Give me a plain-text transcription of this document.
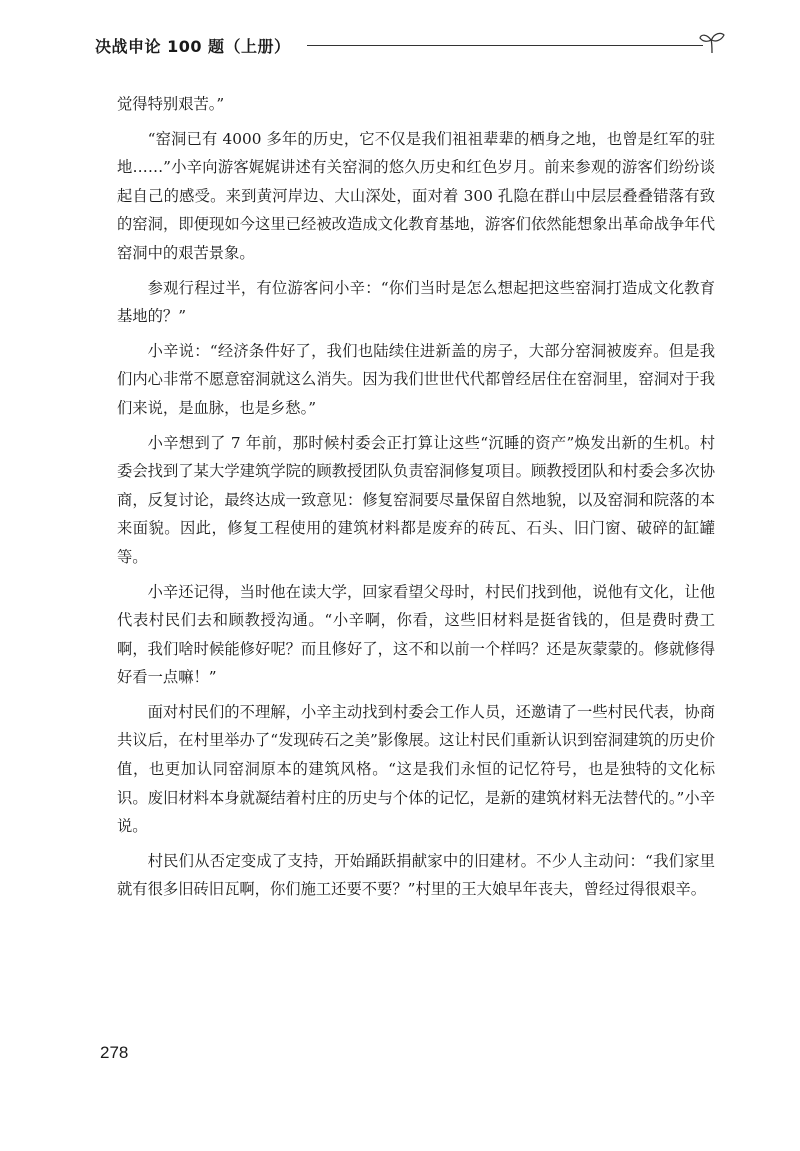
决战申论 100 题（上册）

觉得特别艰苦。”

“窑洞已有 4000 多年的历史，它不仅是我们祖祖辈辈的栖身之地，也曾是红军的驻地……”小辛向游客娓娓讲述有关窑洞的悠久历史和红色岁月。前来参观的游客们纷纷谈起自己的感受。来到黄河岸边、大山深处，面对着 300 孔隐在群山中层层叠叠错落有致的窑洞，即便现如今这里已经被改造成文化教育基地，游客们依然能想象出革命战争年代窑洞中的艰苦景象。

参观行程过半，有位游客问小辛：“你们当时是怎么想起把这些窑洞打造成文化教育基地的？”

小辛说：“经济条件好了，我们也陆续住进新盖的房子，大部分窑洞被废弃。但是我们内心非常不愿意窑洞就这么消失。因为我们世世代代都曾经居住在窑洞里，窑洞对于我们来说，是血脉，也是乡愁。”

小辛想到了 7 年前，那时候村委会正打算让这些“沉睡的资产”焕发出新的生机。村委会找到了某大学建筑学院的顾教授团队负责窑洞修复项目。顾教授团队和村委会多次协商，反复讨论，最终达成一致意见：修复窑洞要尽量保留自然地貌，以及窑洞和院落的本来面貌。因此，修复工程使用的建筑材料都是废弃的砖瓦、石头、旧门窗、破碎的缸罐等。

小辛还记得，当时他在读大学，回家看望父母时，村民们找到他，说他有文化，让他代表村民们去和顾教授沟通。“小辛啊，你看，这些旧材料是挺省钱的，但是费时费工啊，我们啥时候能修好呢？而且修好了，这不和以前一个样吗？还是灰蒙蒙的。修就修得好看一点嘛！”

面对村民们的不理解，小辛主动找到村委会工作人员，还邀请了一些村民代表，协商共议后，在村里举办了“发现砖石之美”影像展。这让村民们重新认识到窑洞建筑的历史价值，也更加认同窑洞原本的建筑风格。“这是我们永恒的记忆符号，也是独特的文化标识。废旧材料本身就凝结着村庄的历史与个体的记忆，是新的建筑材料无法替代的。”小辛说。

村民们从否定变成了支持，开始踊跃捐献家中的旧建材。不少人主动问：“我们家里就有很多旧砖旧瓦啊，你们施工还要不要？”村里的王大娘早年丧夫，曾经过得很艰辛。

278
